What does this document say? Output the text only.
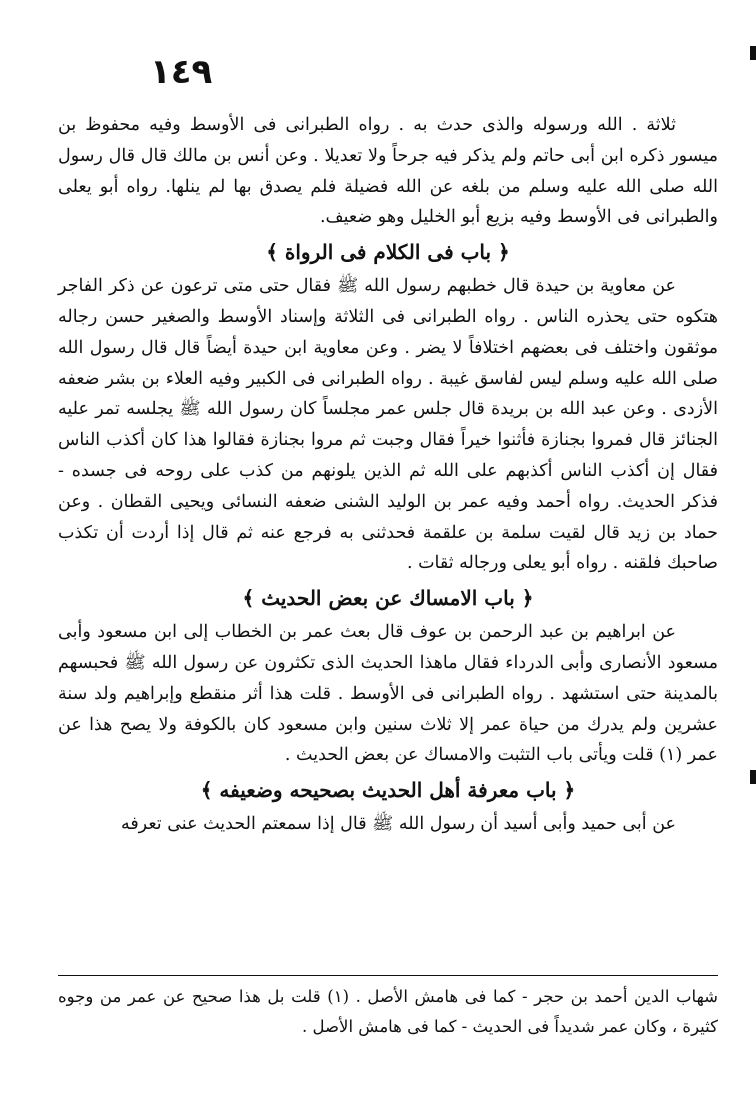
١٤٩

ثلاثة . الله ورسوله والذى حدث به . رواه الطبرانى فى الأوسط وفيه محفوظ بن ميسور ذكره ابن أبى حاتم ولم يذكر فيه جرحاً ولا تعديلا . وعن أنس بن مالك قال قال رسول الله صلى الله عليه وسلم من بلغه عن الله فضيلة فلم يصدق بها لم ينلها. رواه أبو يعلى والطبرانى فى الأوسط وفيه بزيع أبو الخليل وهو ضعيف.

﴿ باب فى الكلام فى الرواة ﴾

عن معاوية بن حيدة قال خطبهم رسول الله ﷺ فقال حتى متى ترعون عن ذكر الفاجر هتكوه حتى يحذره الناس . رواه الطبرانى فى الثلاثة وإسناد الأوسط والصغير حسن رجاله موثقون واختلف فى بعضهم اختلافاً لا يضر . وعن معاوية ابن حيدة أيضاً قال قال رسول الله صلى الله عليه وسلم ليس لفاسق غيبة . رواه الطبرانى فى الكبير وفيه العلاء بن بشر ضعفه الأزدى . وعن عبد الله بن بريدة قال جلس عمر مجلساً كان رسول الله ﷺ يجلسه تمر عليه الجنائز قال فمروا بجنازة فأثنوا خيراً فقال وجبت ثم مروا بجنازة فقالوا هذا كان أكذب الناس فقال إن أكذب الناس أكذبهم على الله ثم الذين يلونهم من كذب على روحه فى جسده - فذكر الحديث. رواه أحمد وفيه عمر بن الوليد الشنى ضعفه النسائى ويحيى القطان . وعن حماد بن زيد قال لقيت سلمة بن علقمة فحدثنى به فرجع عنه ثم قال إذا أردت أن تكذب صاحبك فلقنه . رواه أبو يعلى ورجاله ثقات .

﴿ باب الامساك عن بعض الحديث ﴾

عن ابراهيم بن عبد الرحمن بن عوف قال بعث عمر بن الخطاب إلى ابن مسعود وأبى مسعود الأنصارى وأبى الدرداء فقال ماهذا الحديث الذى تكثرون عن رسول الله ﷺ فحبسهم بالمدينة حتى استشهد . رواه الطبرانى فى الأوسط . قلت هذا أثر منقطع وإبراهيم ولد سنة عشرين ولم يدرك من حياة عمر إلا ثلاث سنين وابن مسعود كان بالكوفة ولا يصح هذا عن عمر (١) قلت ويأتى باب التثبت والامساك عن بعض الحديث .

﴿ باب معرفة أهل الحديث بصحيحه وضعيفه ﴾

عن أبى حميد وأبى أسيد أن رسول الله ﷺ قال إذا سمعتم الحديث عنى تعرفه

شهاب الدين أحمد بن حجر - كما فى هامش الأصل . (١) قلت بل هذا صحيح عن عمر من وجوه كثيرة ، وكان عمر شديداً فى الحديث - كما فى هامش الأصل .
